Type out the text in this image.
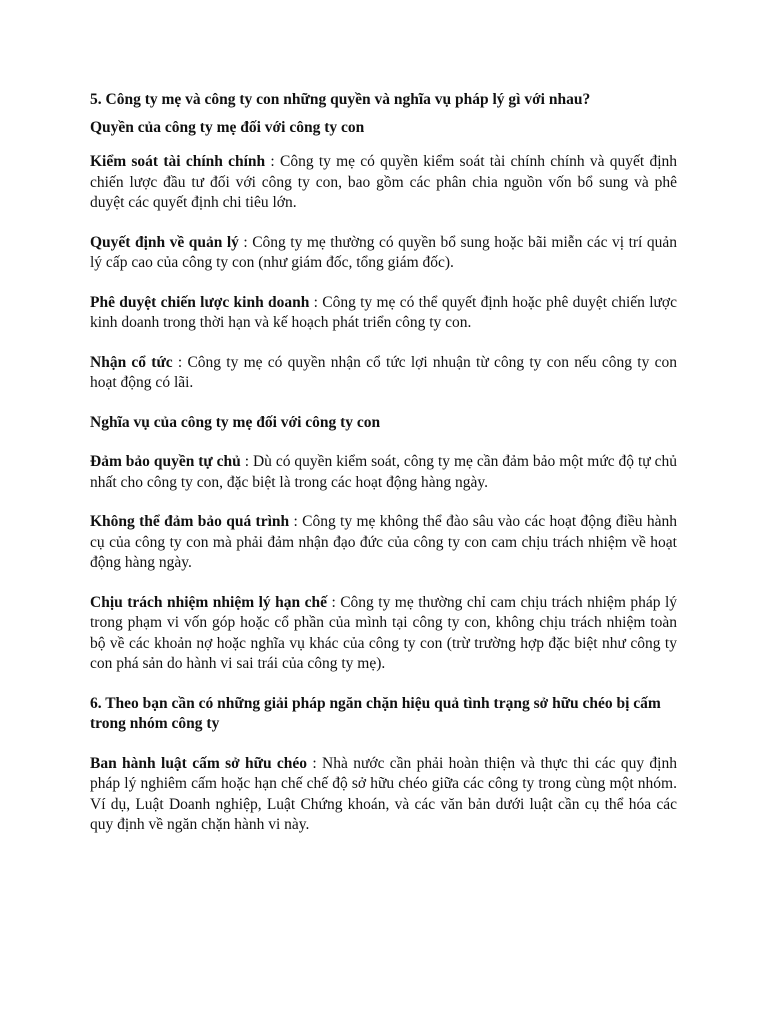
5. Công ty mẹ và công ty con những quyền và nghĩa vụ pháp lý gì với nhau?
Quyền của công ty mẹ đối với công ty con

Kiểm soát tài chính chính : Công ty mẹ có quyền kiểm soát tài chính chính và quyết định chiến lược đầu tư đối với công ty con, bao gồm các phân chia nguồn vốn bổ sung và phê duyệt các quyết định chi tiêu lớn.

Quyết định về quản lý : Công ty mẹ thường có quyền bổ sung hoặc bãi miễn các vị trí quản lý cấp cao của công ty con (như giám đốc, tổng giám đốc).

Phê duyệt chiến lược kinh doanh : Công ty mẹ có thể quyết định hoặc phê duyệt chiến lược kinh doanh trong thời hạn và kế hoạch phát triển công ty con.

Nhận cổ tức : Công ty mẹ có quyền nhận cổ tức lợi nhuận từ công ty con nếu công ty con hoạt động có lãi.

Nghĩa vụ của công ty mẹ đối với công ty con

Đảm bảo quyền tự chủ : Dù có quyền kiểm soát, công ty mẹ cần đảm bảo một mức độ tự chủ nhất cho công ty con, đặc biệt là trong các hoạt động hàng ngày.

Không thể đảm bảo quá trình : Công ty mẹ không thể đào sâu vào các hoạt động điều hành cụ của công ty con mà phải đảm nhận đạo đức của công ty con cam chịu trách nhiệm về hoạt động hàng ngày.

Chịu trách nhiệm nhiệm lý hạn chế : Công ty mẹ thường chỉ cam chịu trách nhiệm pháp lý trong phạm vi vốn góp hoặc cổ phần của mình tại công ty con, không chịu trách nhiệm toàn bộ về các khoản nợ hoặc nghĩa vụ khác của công ty con (trừ trường hợp đặc biệt như công ty con phá sản do hành vi sai trái của công ty mẹ).

6. Theo bạn cần có những giải pháp ngăn chặn hiệu quả tình trạng sở hữu chéo bị cấm trong nhóm công ty

Ban hành luật cấm sở hữu chéo : Nhà nước cần phải hoàn thiện và thực thi các quy định pháp lý nghiêm cấm hoặc hạn chế chế độ sở hữu chéo giữa các công ty trong cùng một nhóm. Ví dụ, Luật Doanh nghiệp, Luật Chứng khoán, và các văn bản dưới luật cần cụ thể hóa các quy định về ngăn chặn hành vi này.
